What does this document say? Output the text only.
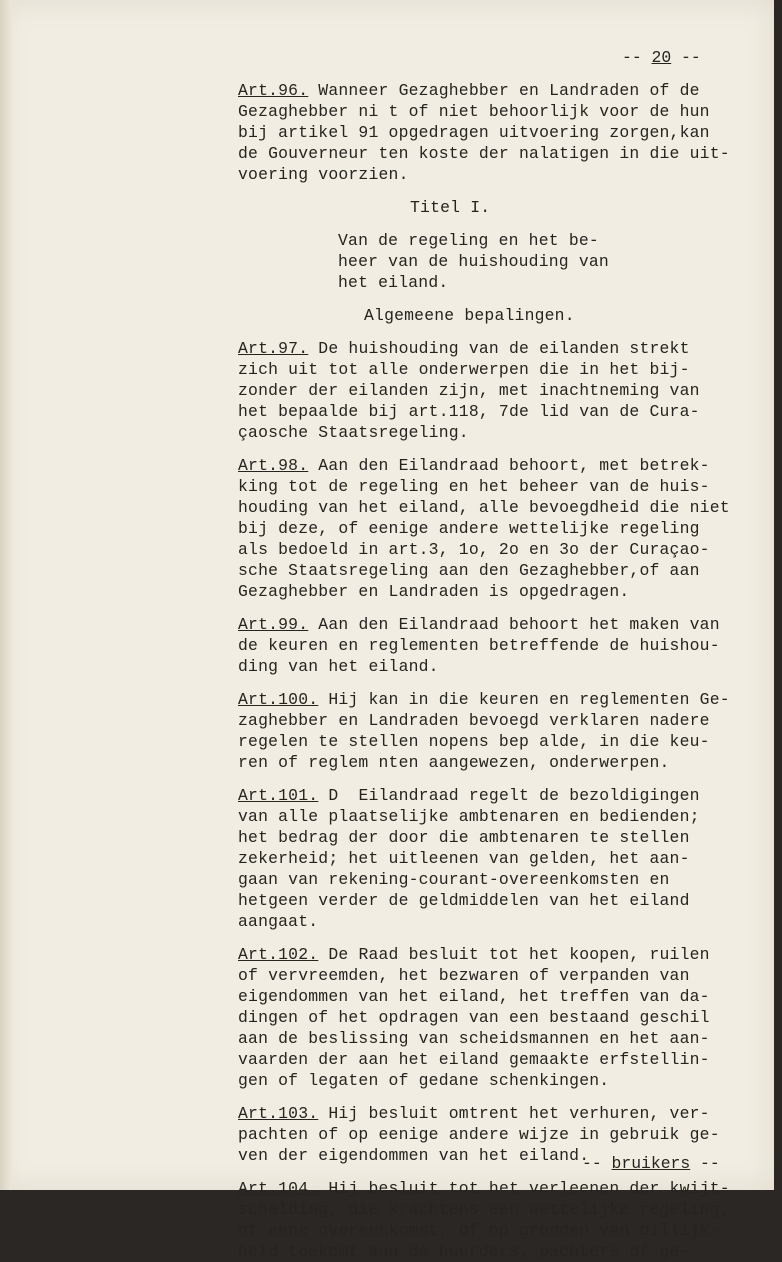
-- 20 --
Art.96. Wanneer Gezaghebber en Landraden of de
Gezaghebber ni t of niet behoorlijk voor de hun
bij artikel 91 opgedragen uitvoering zorgen,kan
de Gouverneur ten koste der nalatigen in die uit-
voering voorzien.
Titel I.
Van de regeling en het be-
heer van de huishouding van
het eiland.
Algemeene bepalingen.
Art.97. De huishouding van de eilanden strekt
zich uit tot alle onderwerpen die in het bij-
zonder der eilanden zijn, met inachtneming van
het bepaalde bij art.118, 7de lid van de Cura-
çaosche Staatsregeling.
Art.98. Aan den Eilandraad behoort, met betrek-
king tot de regeling en het beheer van de huis-
houding van het eiland, alle bevoegdheid die niet
bij deze, of eenige andere wettelijke regeling
als bedoeld in art.3, 1o, 2o en 3o der Curaçao-
sche Staatsregeling aan den Gezaghebber,of aan
Gezaghebber en Landraden is opgedragen.
Art.99. Aan den Eilandraad behoort het maken van
de keuren en reglementen betreffende de huishou-
ding van het eiland.
Art.100. Hij kan in die keuren en reglementen Ge-
zaghebber en Landraden bevoegd verklaren nadere
regelen te stellen nopens bep alde, in die keu-
ren of reglem nten aangewezen, onderwerpen.
Art.101. D  Eilandraad regelt de bezoldigingen
van alle plaatselijke ambtenaren en bedienden;
het bedrag der door die ambtenaren te stellen
zekerheid; het uitleenen van gelden, het aan-
gaan van rekening-courant-overeenkomsten en
hetgeen verder de geldmiddelen van het eiland
aangaat.
Art.102. De Raad besluit tot het koopen, ruilen
of vervreemden, het bezwaren of verpanden van
eigendommen van het eiland, het treffen van da-
dingen of het opdragen van een bestaand geschil
aan de beslissing van scheidsmannen en het aan-
vaarden der aan het eiland gemaakte erfstellin-
gen of legaten of gedane schenkingen.
Art.103. Hij besluit omtrent het verhuren, ver-
pachten of op eenige andere wijze in gebruik ge-
ven der eigendommen van het eiland.
Art.104. Hij besluit tot het verleenen der kwijt-
schelding, die krachtens een wettelijke regeling,
of eene overeenkomst, of op gronden van billijk-
heid toekomt aan de huurders, pachters of ge-
-- bruikers --
